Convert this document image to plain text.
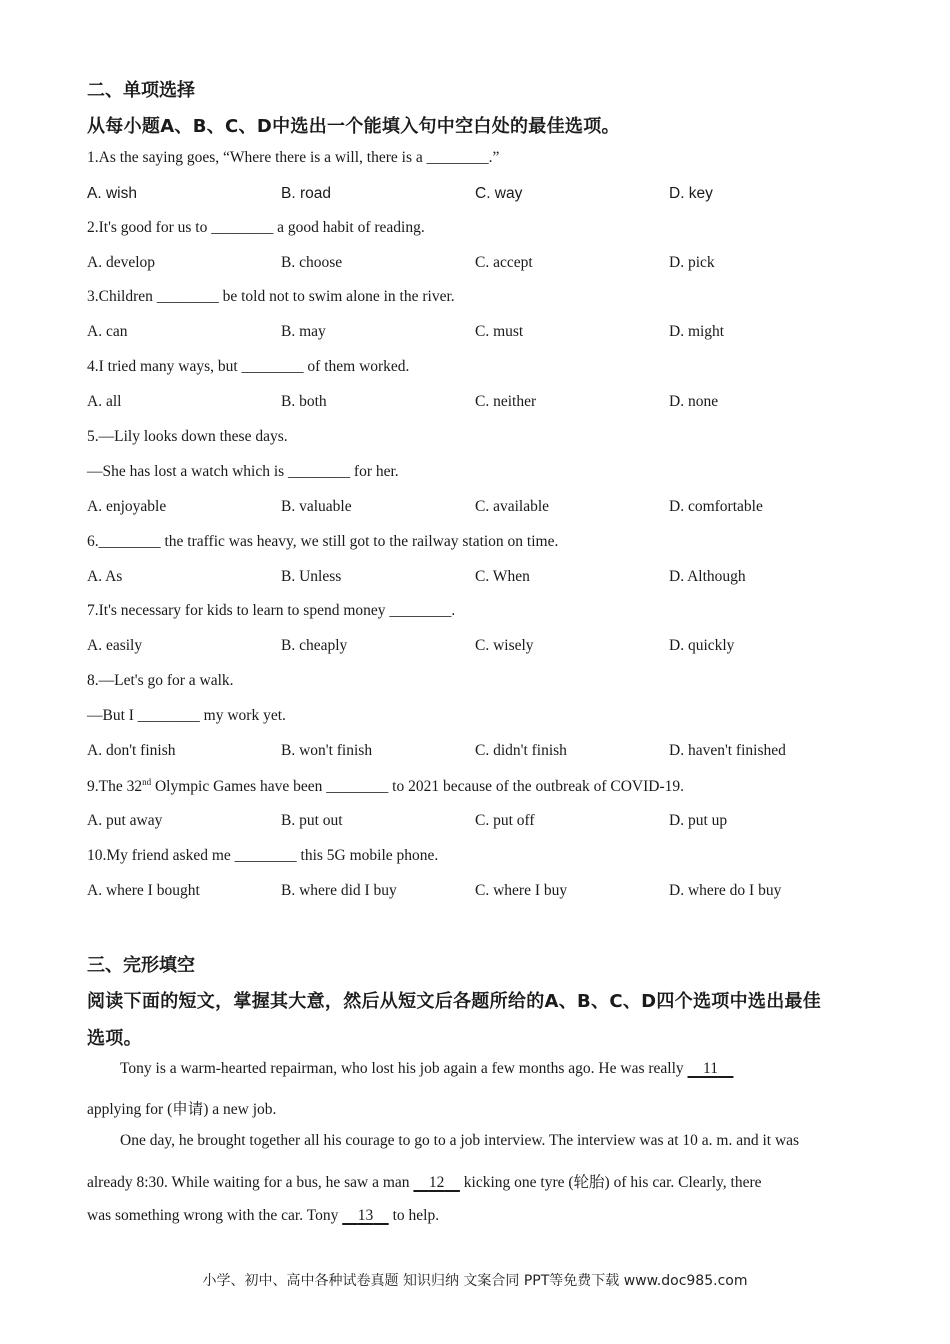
二、单项选择
从每小题A、B、C、D中选出一个能填入句中空白处的最佳选项。
1.As the saying goes, “Where there is a will, there is a ________.”
A. wish	B. road	C. way	D. key
2.It's good for us to ________ a good habit of reading.
A. develop	B. choose	C. accept	D. pick
3.Children ________ be told not to swim alone in the river.
A. can	B. may	C. must	D. might
4.I tried many ways, but ________ of them worked.
A. all	B. both	C. neither	D. none
5.—Lily looks down these days.
—She has lost a watch which is ________ for her.
A. enjoyable	B. valuable	C. available	D. comfortable
6.________ the traffic was heavy, we still got to the railway station on time.
A. As	B. Unless	C. When	D. Although
7.It's necessary for kids to learn to spend money ________.
A. easily	B. cheaply	C. wisely	D. quickly
8.—Let's go for a walk.
—But I ________ my work yet.
A. don't finish	B. won't finish	C. didn't finish	D. haven't finished
9.The 32nd Olympic Games have been ________ to 2021 because of the outbreak of COVID-19.
A. put away	B. put out	C. put off	D. put up
10.My friend asked me ________ this 5G mobile phone.
A. where I bought	B. where did I buy	C. where I buy	D. where do I buy
三、完形填空
阅读下面的短文，掌握其大意，然后从短文后各题所给的A、B、C、D四个选项中选出最佳
选项。
Tony is a warm-hearted repairman, who lost his job again a few months ago. He was really     11
applying for (申请) a new job.
One day, he brought together all his courage to go to a job interview. The interview was at 10 a. m. and it was
already 8:30. While waiting for a bus, he saw a man     12     kicking one tyre (轮胎) of his car. Clearly, there
was something wrong with the car. Tony     13     to help.
小学、初中、高中各种试卷真题 知识归纳 文案合同 PPT等免费下载 www.doc985.com
